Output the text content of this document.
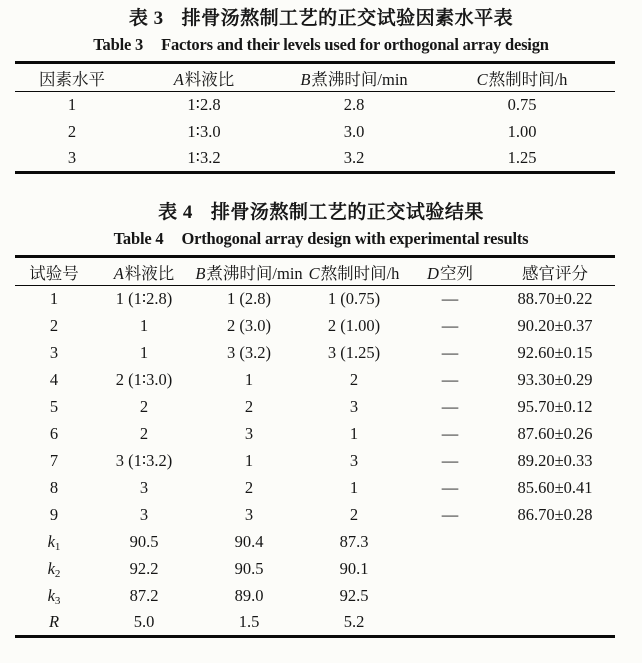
表 3 排骨汤熬制工艺的正交试验因素水平表

Table 3 Factors and their levels used for orthogonal array design

因素水平	A料液比	B煮沸时间/min	C熬制时间/h
1	1∶2.8	2.8	0.75
2	1∶3.0	3.0	1.00
3	1∶3.2	3.2	1.25

表 4 排骨汤熬制工艺的正交试验结果

Table 4 Orthogonal array design with experimental results

试验号	A料液比	B煮沸时间/min	C熬制时间/h	D空列	感官评分
1	1 (1∶2.8)	1 (2.8)	1 (0.75)	—	88.70±0.22
2	1	2 (3.0)	2 (1.00)	—	90.20±0.37
3	1	3 (3.2)	3 (1.25)	—	92.60±0.15
4	2 (1∶3.0)	1	2	—	93.30±0.29
5	2	2	3	—	95.70±0.12
6	2	3	1	—	87.60±0.26
7	3 (1∶3.2)	1	3	—	89.20±0.33
8	3	2	1	—	85.60±0.41
9	3	3	2	—	86.70±0.28
$k_1$	90.5	90.4	87.3		
$k_2$	92.2	90.5	90.1		
$k_3$	87.2	89.0	92.5		
R	5.0	1.5	5.2		
